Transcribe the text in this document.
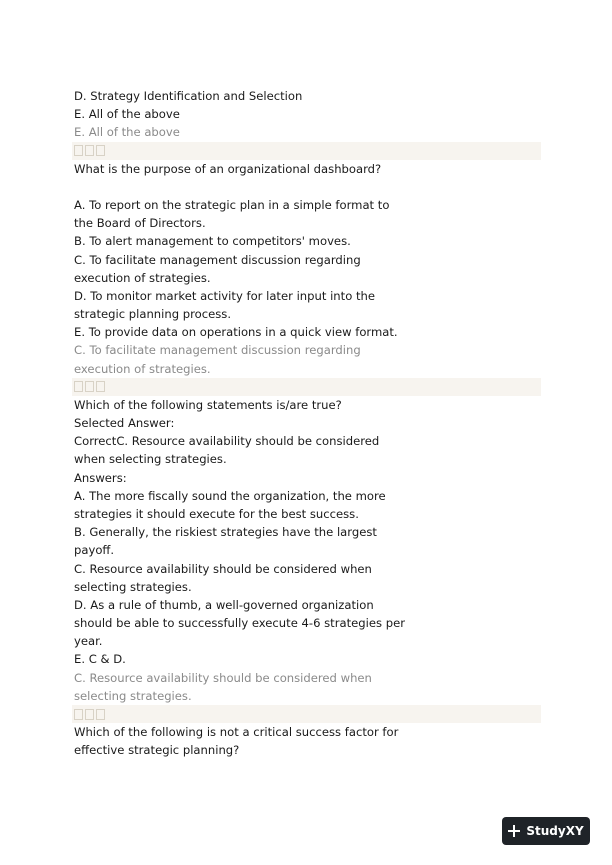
D. Strategy Identification and Selection
E. All of the above
E. All of the above
What is the purpose of an organizational dashboard?
A. To report on the strategic plan in a simple format to
the Board of Directors.
B. To alert management to competitors' moves.
C. To facilitate management discussion regarding
execution of strategies.
D. To monitor market activity for later input into the
strategic planning process.
E. To provide data on operations in a quick view format.
C. To facilitate management discussion regarding
execution of strategies.
Which of the following statements is/are true?
Selected Answer:
CorrectC. Resource availability should be considered
when selecting strategies.
Answers:
A. The more fiscally sound the organization, the more
strategies it should execute for the best success.
B. Generally, the riskiest strategies have the largest
payoff.
C. Resource availability should be considered when
selecting strategies.
D. As a rule of thumb, a well-governed organization
should be able to successfully execute 4-6 strategies per
year.
E. C & D.
C. Resource availability should be considered when
selecting strategies.
Which of the following is not a critical success factor for
effective strategic planning?
StudyXY
